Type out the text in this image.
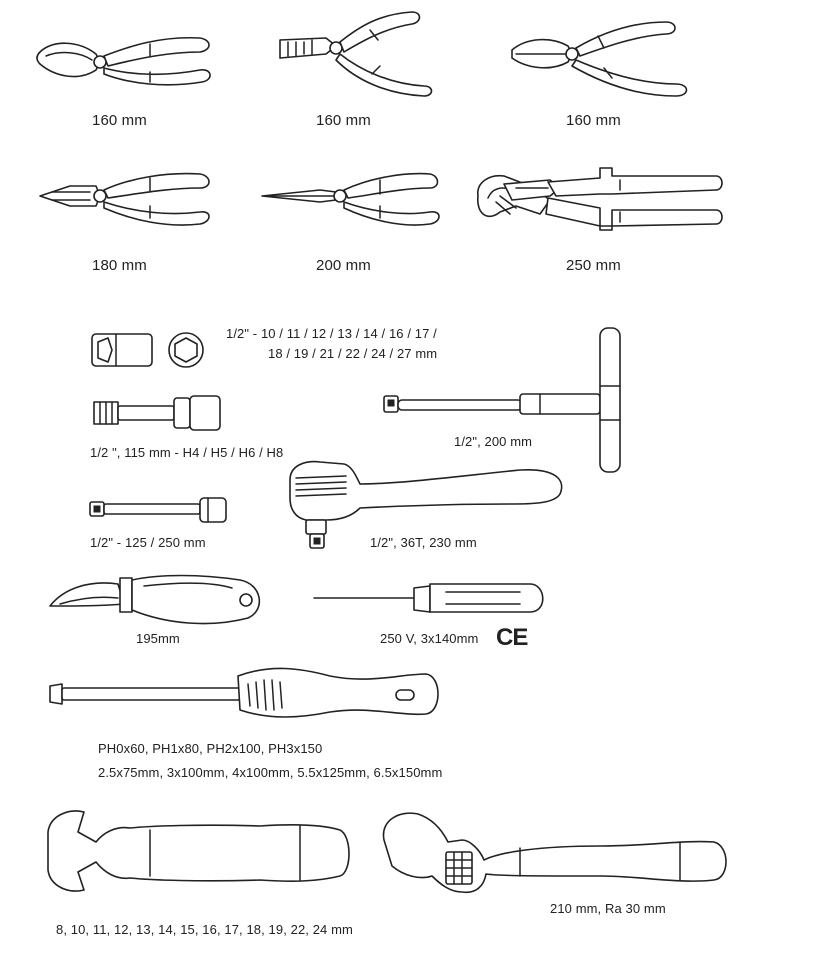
160 mm	160 mm	160 mm
180 mm	200 mm	250 mm
1/2" - 10 / 11 / 12 / 13 / 14 / 16 / 17 /
18 / 19 / 21 / 22 / 24 / 27 mm
1/2 ", 115 mm - H4 / H5 / H6 / H8
1/2", 200 mm
1/2" - 125 / 250 mm	1/2", 36T, 230 mm
195mm	250 V, 3x140mm CE
PH0x60, PH1x80, PH2x100, PH3x150
2.5x75mm, 3x100mm, 4x100mm, 5.5x125mm, 6.5x150mm
8, 10, 11, 12, 13, 14, 15, 16, 17, 18, 19, 22, 24 mm
210 mm, Ra 30 mm
